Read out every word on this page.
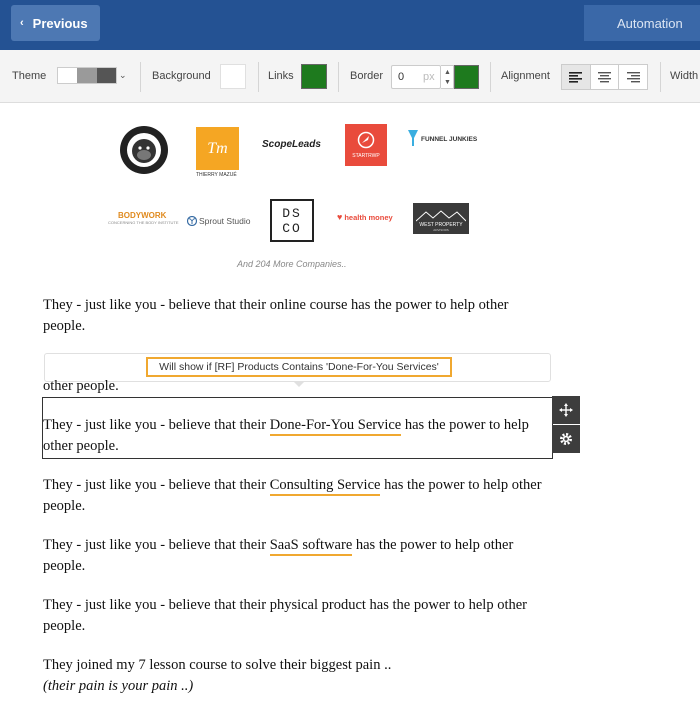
‹ Previous	Automation
Theme	⌄ Background	Links	Border 0 px ▲
▼
Alignment	Width
Tm
THIERRY MAZUÉ
ScopeLeads
STARTRWP
FUNNEL JUNKIES
BODYWORK
CONCERNING THE BODY INSTITUTE Sprout Studio
DS
CO
♥ health money
WEST PROPERTY
ADVISORS
And 204 More Companies..
They - just like you - believe that their online course has the power to help other people.
Will show if [RF] Products Contains 'Done-For-You Services'
other people.
They - just like you - believe that their Done-For-You Service has the power to help other people.
They - just like you - believe that their Consulting Service has the power to help other people.
They - just like you - believe that their SaaS software has the power to help other people.
They - just like you - believe that their physical product has the power to help other people.
They joined my 7 lesson course to solve their biggest pain ..
(their pain is your pain ..)
